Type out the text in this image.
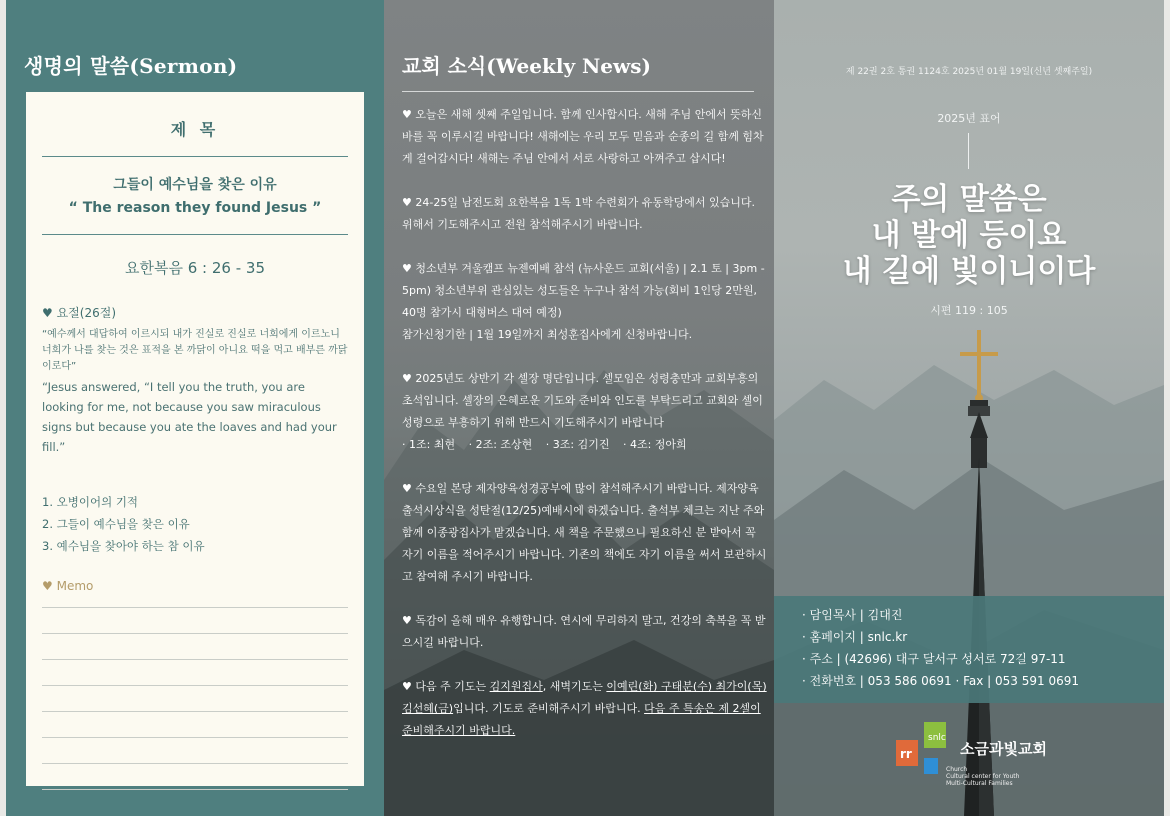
생명의 말씀(Sermon)
제 목
그들이 예수님을 찾은 이유
“ The reason they found Jesus ”
요한복음 6 : 26 - 35
♥ 요절(26절)
“예수께서 대답하여 이르시되 내가 진실로 진실로 너희에게 이르노니 너희가 나를 찾는 것은 표적을 본 까닭이 아니요 떡을 먹고 배부른 까닭이로다”
“Jesus answered, “I tell you the truth, you are looking for me, not because you saw miraculous signs but because you ate the loaves and had your fill.”
1. 오병이어의 기적
2. 그들이 예수님을 찾은 이유
3. 예수님을 찾아야 하는 참 이유
♥ Memo
교회 소식(Weekly News)

♥ 오늘은 새해 셋째 주일입니다. 함께 인사합시다. 새해 주님 안에서 뜻하신 바를 꼭 이루시길 바랍니다! 새해에는 우리 모두 믿음과 순종의 길 함께 힘차게 걸어갑시다! 새해는 주님 안에서 서로 사랑하고 아껴주고 삽시다!

♥ 24-25일 남전도회 요한복음 1독 1박 수련회가 유동학당에서 있습니다. 위해서 기도해주시고 전원 참석해주시기 바랍니다.

♥ 청소년부 겨울캠프 뉴젠예배 참석 (뉴사운드 교회(서울) | 2.1 토 | 3pm - 5pm) 청소년부위 관심있는 성도들은 누구나 참석 가능(회비 1인당 2만원, 40명 참가시 대형버스 대여 예정)
참가신청기한 | 1월 19일까지 최성훈집사에게 신청바랍니다.

♥ 2025년도 상반기 각 셀장 명단입니다. 셀모임은 성령충만과 교회부흥의 초석입니다. 셀장의 은혜로운 기도와 준비와 인도를 부탁드리고 교회와 셀이 성령으로 부흥하기 위해 반드시 기도해주시기 바랍니다
· 1조: 최현 · 2조: 조상현 · 3조: 김기진 · 4조: 정아희

♥ 수요일 본당 제자양육성경공부에 많이 참석해주시기 바랍니다. 제자양육 출석시상식을 성탄절(12/25)예배시에 하겠습니다. 출석부 체크는 지난 주와 함께 이종광집사가 맡겠습니다. 새 책을 주문했으니 필요하신 분 받아서 꼭 자기 이름을 적어주시기 바랍니다. 기존의 책에도 자기 이름을 써서 보관하시고 참여해 주시기 바랍니다.

♥ 독감이 올해 매우 유행합니다. 연시에 무리하지 말고, 건강의 축복을 꼭 받으시길 바랍니다.

♥ 다음 주 기도는 김지원집사, 새벽기도는 이예린(화) 구태분(수) 최가이(목) 김선혜(금)입니다. 기도로 준비해주시기 바랍니다. 다음 주 특송은 제 2셀이 준비해주시기 바랍니다.

제 22권 2호 통권 1124호 2025년 01월 19일(신년 셋째주일)
2025년 표어
주의 말씀은
내 발에 등이요
내 길에 빛이니이다
시편 119 : 105
· 담임목사 | 김대진
· 홈페이지 | snlc.kr
· 주소 | (42696) 대구 달서구 성서로 72길 97-11
· 전화번호 | 053 586 0691 · Fax | 053 591 0691
snlc
rr	소금과빛교회
Church
Cultural center for Youth
Multi-Cultural Families
